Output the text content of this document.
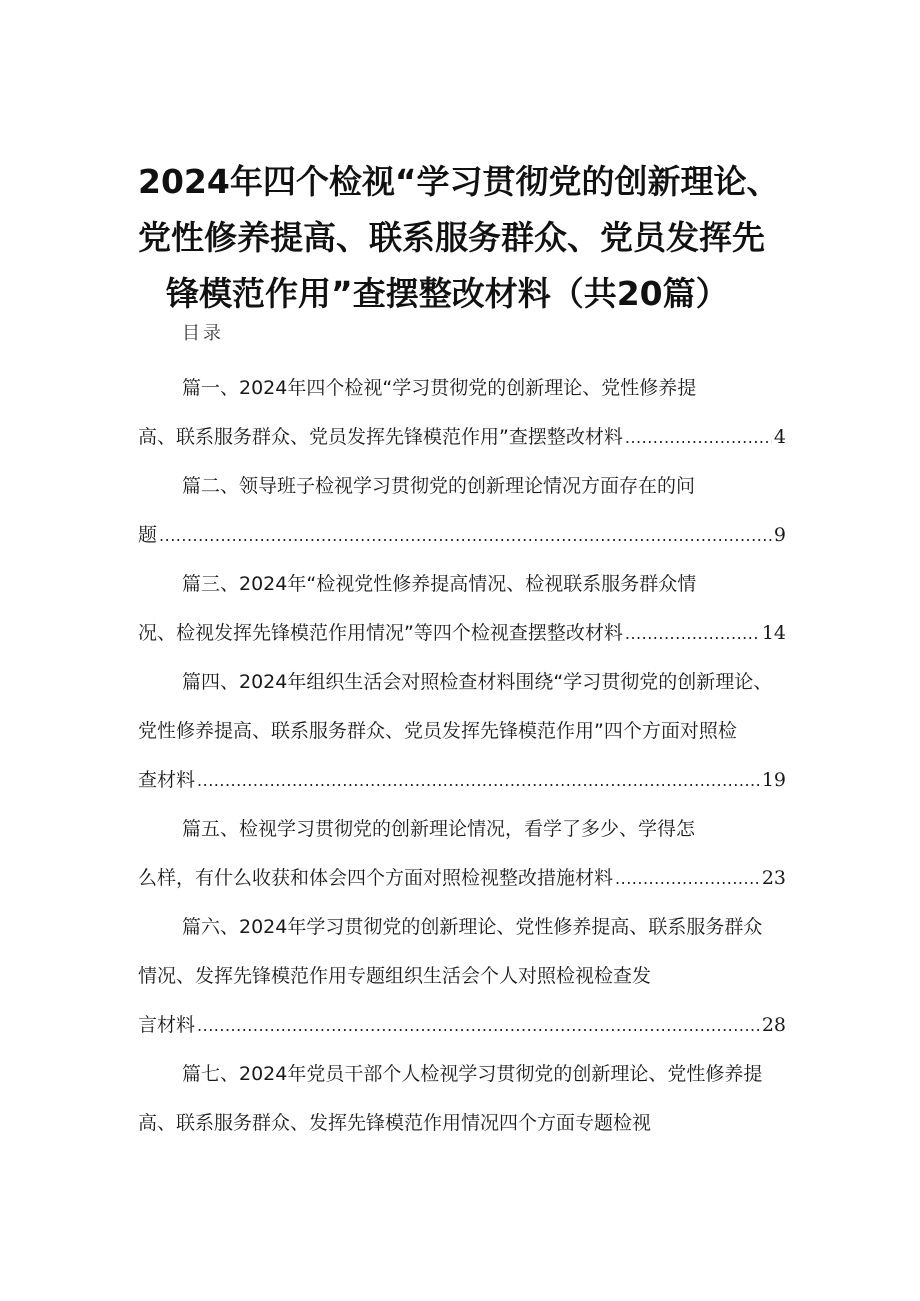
2024年四个检视“学习贯彻党的创新理论、
党性修养提高、联系服务群众、党员发挥先
锋模范作用”查摆整改材料（共20篇）
目录
篇一、2024年四个检视“学习贯彻党的创新理论、党性修养提
高、联系服务群众、党员发挥先锋模范作用”查摆整改材料 .....	4
篇二、领导班子检视学习贯彻党的创新理论情况方面存在的问
题 .....	9
篇三、2024年“检视党性修养提高情况、检视联系服务群众情
况、检视发挥先锋模范作用情况”等四个检视查摆整改材料 .....	14
篇四、2024年组织生活会对照检查材料围绕“学习贯彻党的创新理论、
党性修养提高、联系服务群众、党员发挥先锋模范作用”四个方面对照检
查材料 .....	19
篇五、检视学习贯彻党的创新理论情况，看学了多少、学得怎
么样，有什么收获和体会四个方面对照检视整改措施材料 .....	23
篇六、2024年学习贯彻党的创新理论、党性修养提高、联系服务群众
情况、发挥先锋模范作用专题组织生活会个人对照检视检查发
言材料 .....	28
篇七、2024年党员干部个人检视学习贯彻党的创新理论、党性修养提
高、联系服务群众、发挥先锋模范作用情况四个方面专题检视
